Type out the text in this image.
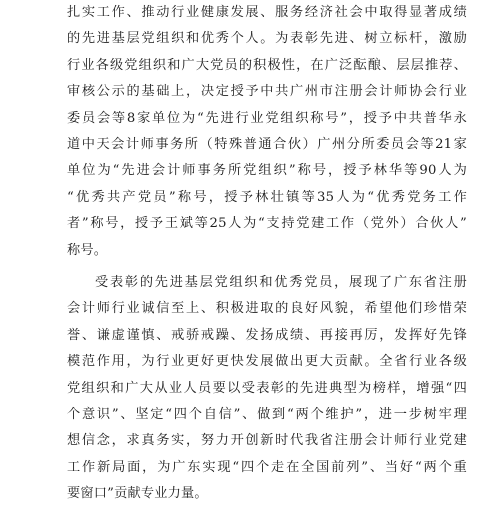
扎实工作、推动行业健康发展、服务经济社会中取得显著成绩
的先进基层党组织和优秀个人。为表彰先进、树立标杆，激励
行业各级党组织和广大党员的积极性，在广泛酝酿、层层推荐、
审核公示的基础上，决定授予中共广州市注册会计师协会行业
委员会等8家单位为“先进行业党组织称号”，授予中共普华永
道中天会计师事务所（特殊普通合伙）广州分所委员会等21家
单位为“先进会计师事务所党组织”称号，授予林华等90人为
“优秀共产党员”称号，授予林壮镇等35人为“优秀党务工作
者”称号，授予王斌等25人为“支持党建工作（党外）合伙人”
称号。
受表彰的先进基层党组织和优秀党员，展现了广东省注册
会计师行业诚信至上、积极进取的良好风貌，希望他们珍惜荣
誉、谦虚谨慎、戒骄戒躁、发扬成绩、再接再厉，发挥好先锋
模范作用，为行业更好更快发展做出更大贡献。全省行业各级
党组织和广大从业人员要以受表彰的先进典型为榜样，增强“四
个意识”、坚定“四个自信”、做到“两个维护”，进一步树牢理
想信念，求真务实，努力开创新时代我省注册会计师行业党建
工作新局面，为广东实现“四个走在全国前列”、当好“两个重
要窗口”贡献专业力量。
